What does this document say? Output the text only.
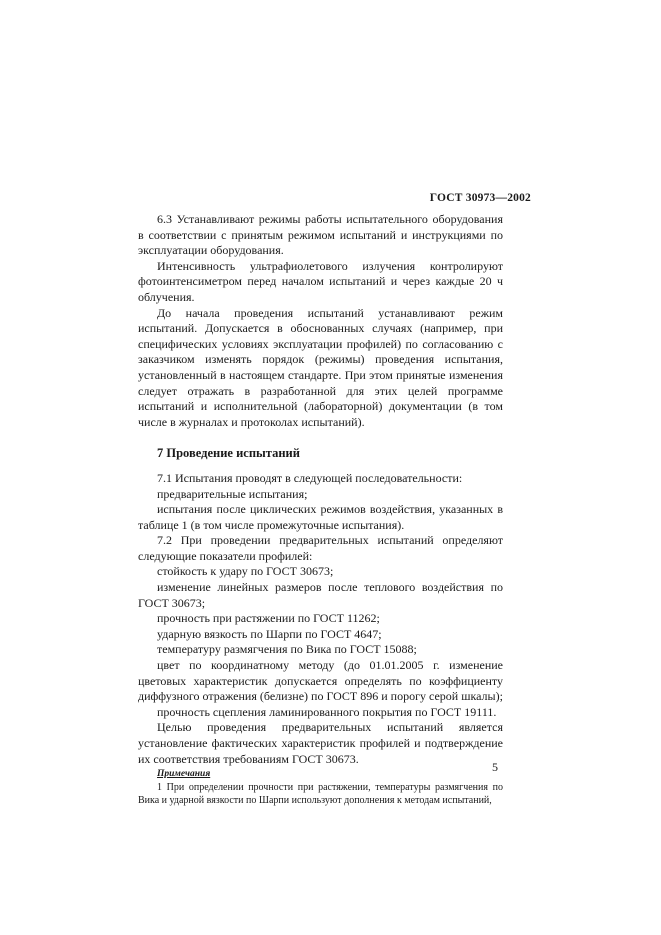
ГОСТ 30973—2002

6.3 Устанавливают режимы работы испытательного оборудования в соответствии с принятым режимом испытаний и инструкциями по эксплуатации оборудования.

Интенсивность ультрафиолетового излучения контролируют фотоинтенсиметром перед началом испытаний и через каждые 20 ч облучения.

До начала проведения испытаний устанавливают режим испытаний. Допускается в обоснованных случаях (например, при специфических условиях эксплуатации профилей) по согласованию с заказчиком изменять порядок (режимы) проведения испытания, установленный в настоящем стандарте. При этом принятые изменения следует отражать в разработанной для этих целей программе испытаний и исполнительной (лабораторной) документации (в том числе в журналах и протоколах испытаний).

7 Проведение испытаний

7.1 Испытания проводят в следующей последовательности:

предварительные испытания;

испытания после циклических режимов воздействия, указанных в таблице 1 (в том числе промежуточные испытания).

7.2 При проведении предварительных испытаний определяют следующие показатели профилей:

стойкость к удару по ГОСТ 30673;

изменение линейных размеров после теплового воздействия по ГОСТ 30673;

прочность при растяжении по ГОСТ 11262;

ударную вязкость по Шарпи по ГОСТ 4647;

температуру размягчения по Вика по ГОСТ 15088;

цвет по координатному методу (до 01.01.2005 г. изменение цветовых характеристик допускается определять по коэффициенту диффузного отражения (белизне) по ГОСТ 896 и порогу серой шкалы);

прочность сцепления ламинированного покрытия по ГОСТ 19111.

Целью проведения предварительных испытаний является установление фактических характеристик профилей и подтверждение их соответствия требованиям ГОСТ 30673.

Примечания

1 При определении прочности при растяжении, температуры размягчения по Вика и ударной вязкости по Шарпи используют дополнения к методам испытаний,

5
